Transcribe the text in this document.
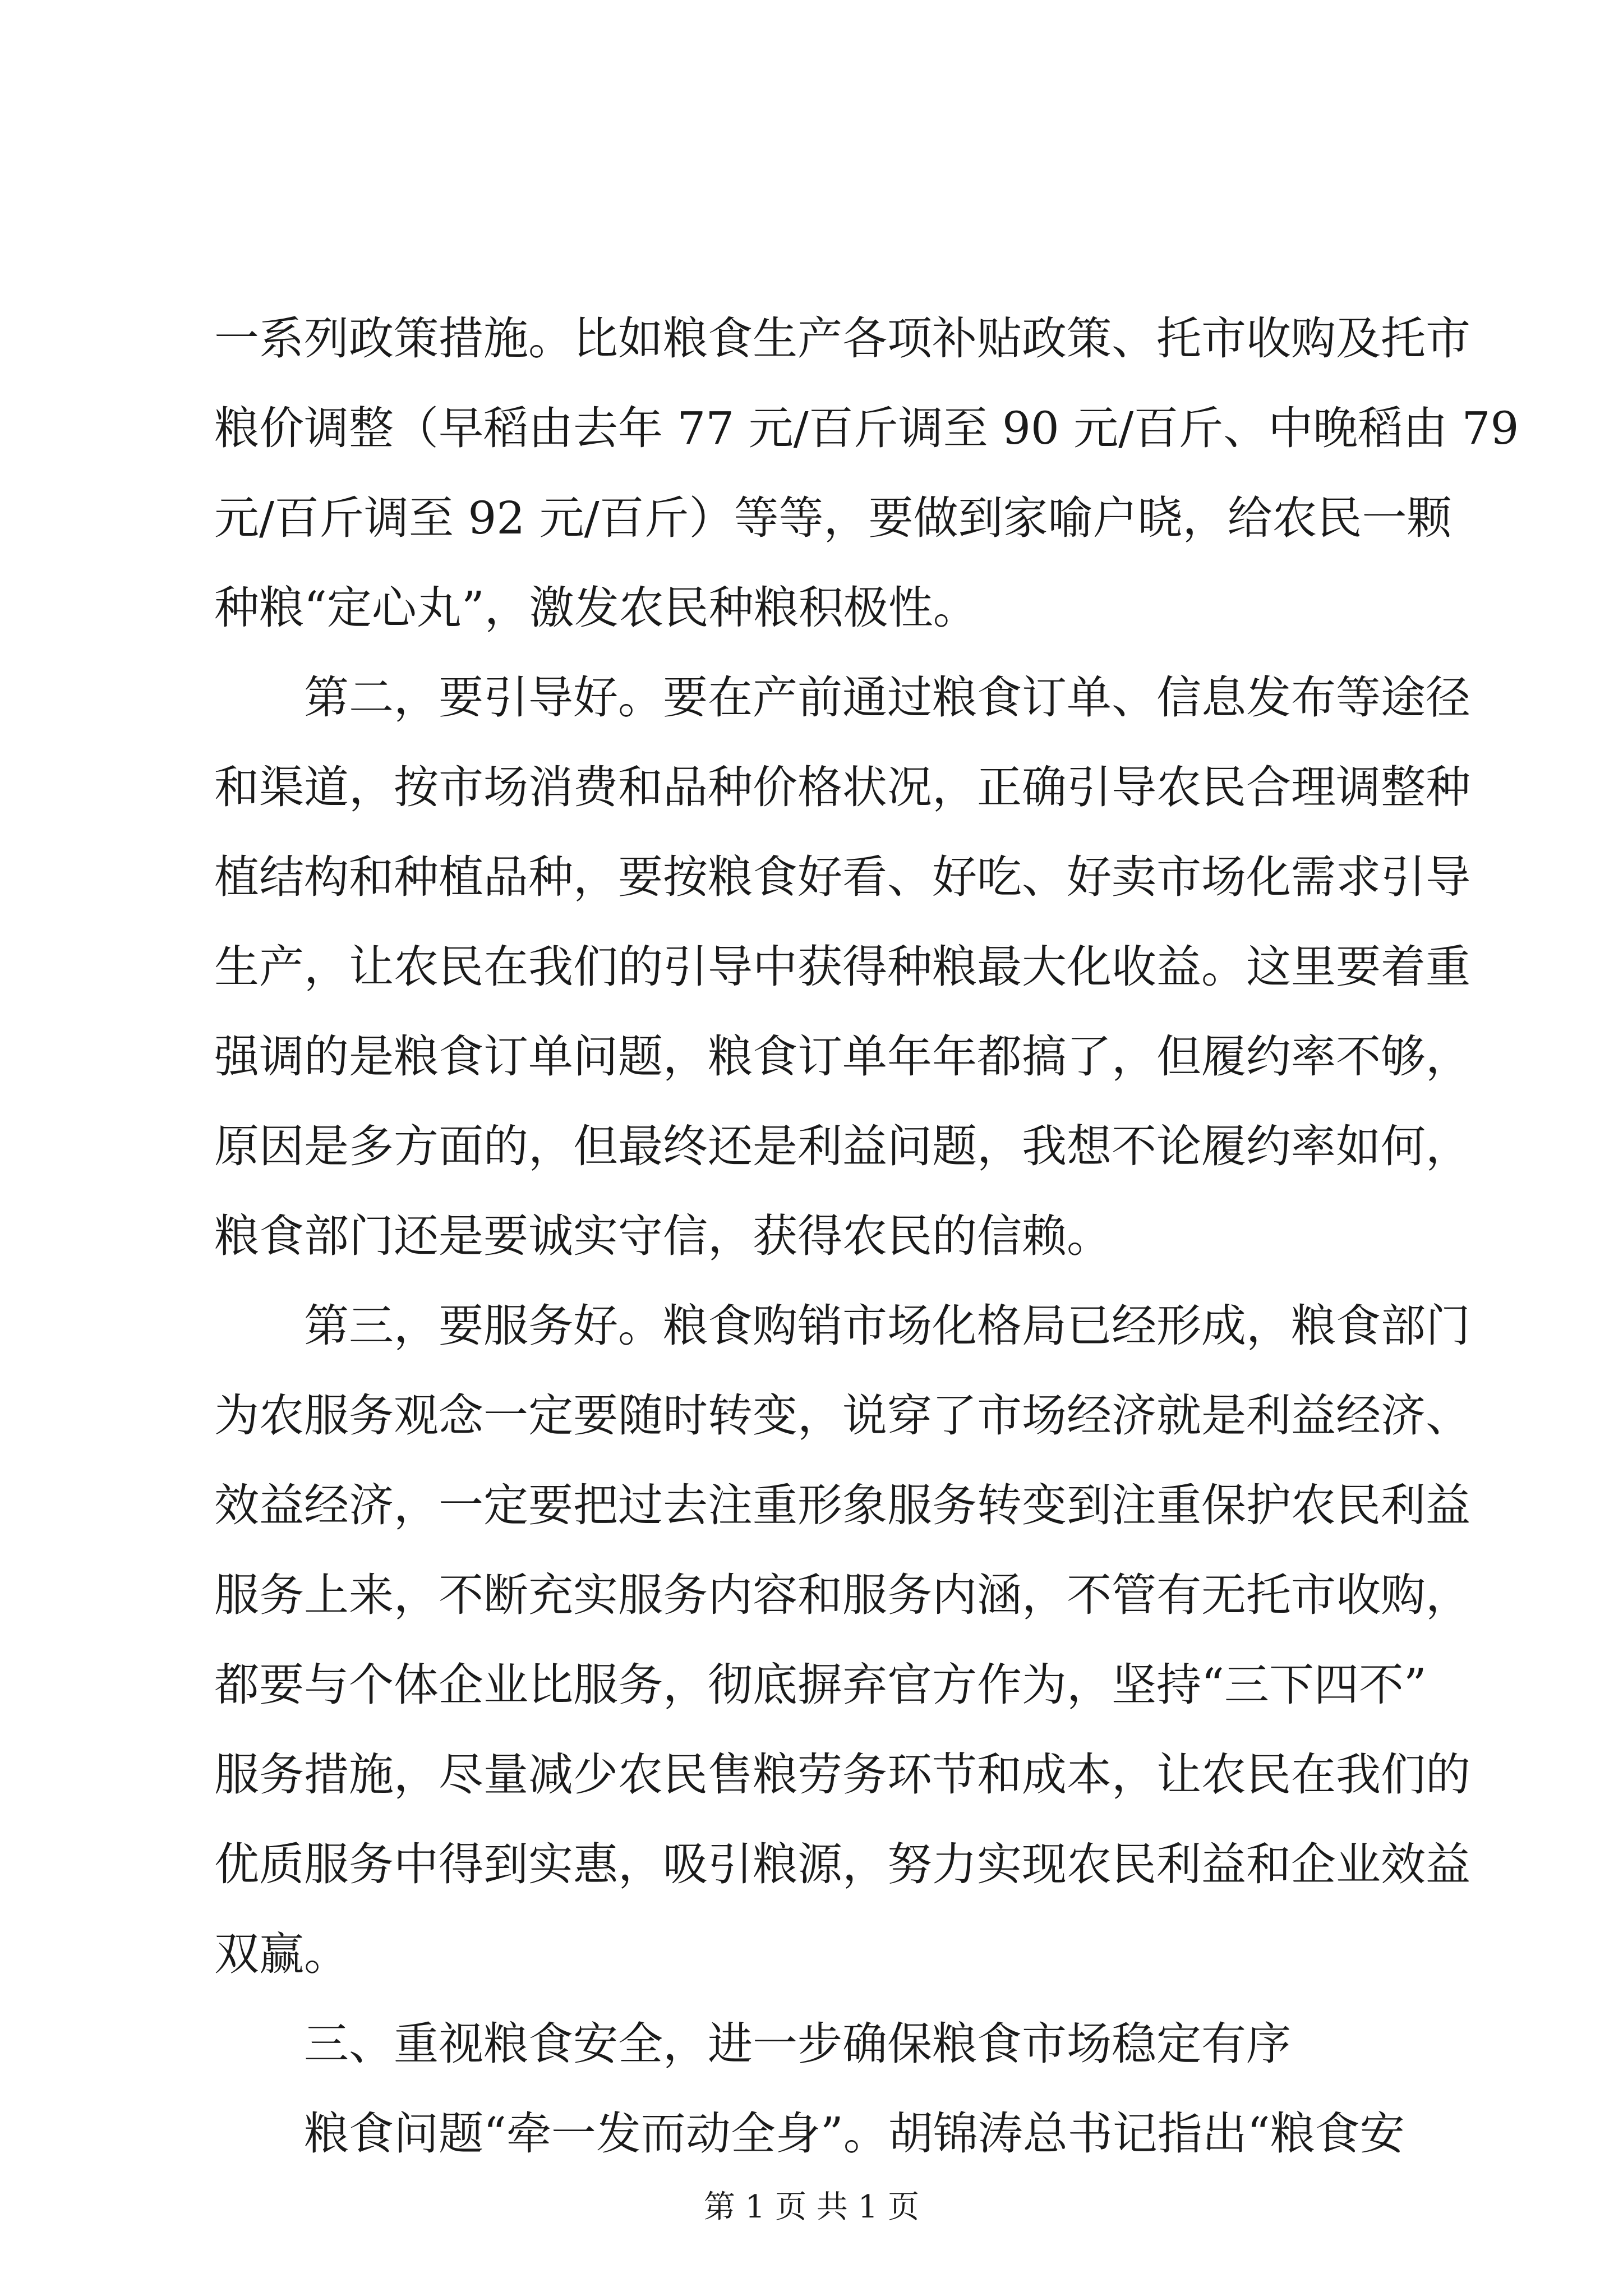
一系列政策措施。比如粮食生产各项补贴政策、托市收购及托市
粮价调整（早稻由去年 77 元/百斤调至 90 元/百斤、中晚稻由 79
元/百斤调至 92 元/百斤）等等，要做到家喻户晓，给农民一颗
种粮“定心丸”，激发农民种粮积极性。
第二，要引导好。要在产前通过粮食订单、信息发布等途径
和渠道，按市场消费和品种价格状况，正确引导农民合理调整种
植结构和种植品种，要按粮食好看、好吃、好卖市场化需求引导
生产，让农民在我们的引导中获得种粮最大化收益。这里要着重
强调的是粮食订单问题，粮食订单年年都搞了，但履约率不够，
原因是多方面的，但最终还是利益问题，我想不论履约率如何，
粮食部门还是要诚实守信，获得农民的信赖。
第三，要服务好。粮食购销市场化格局已经形成，粮食部门
为农服务观念一定要随时转变，说穿了市场经济就是利益经济、
效益经济，一定要把过去注重形象服务转变到注重保护农民利益
服务上来，不断充实服务内容和服务内涵，不管有无托市收购，
都要与个体企业比服务，彻底摒弃官方作为，坚持“三下四不”
服务措施，尽量减少农民售粮劳务环节和成本，让农民在我们的
优质服务中得到实惠，吸引粮源，努力实现农民利益和企业效益
双赢。
三、重视粮食安全，进一步确保粮食市场稳定有序
粮食问题“牵一发而动全身”。胡锦涛总书记指出“粮食安
第 1 页 共 1 页
